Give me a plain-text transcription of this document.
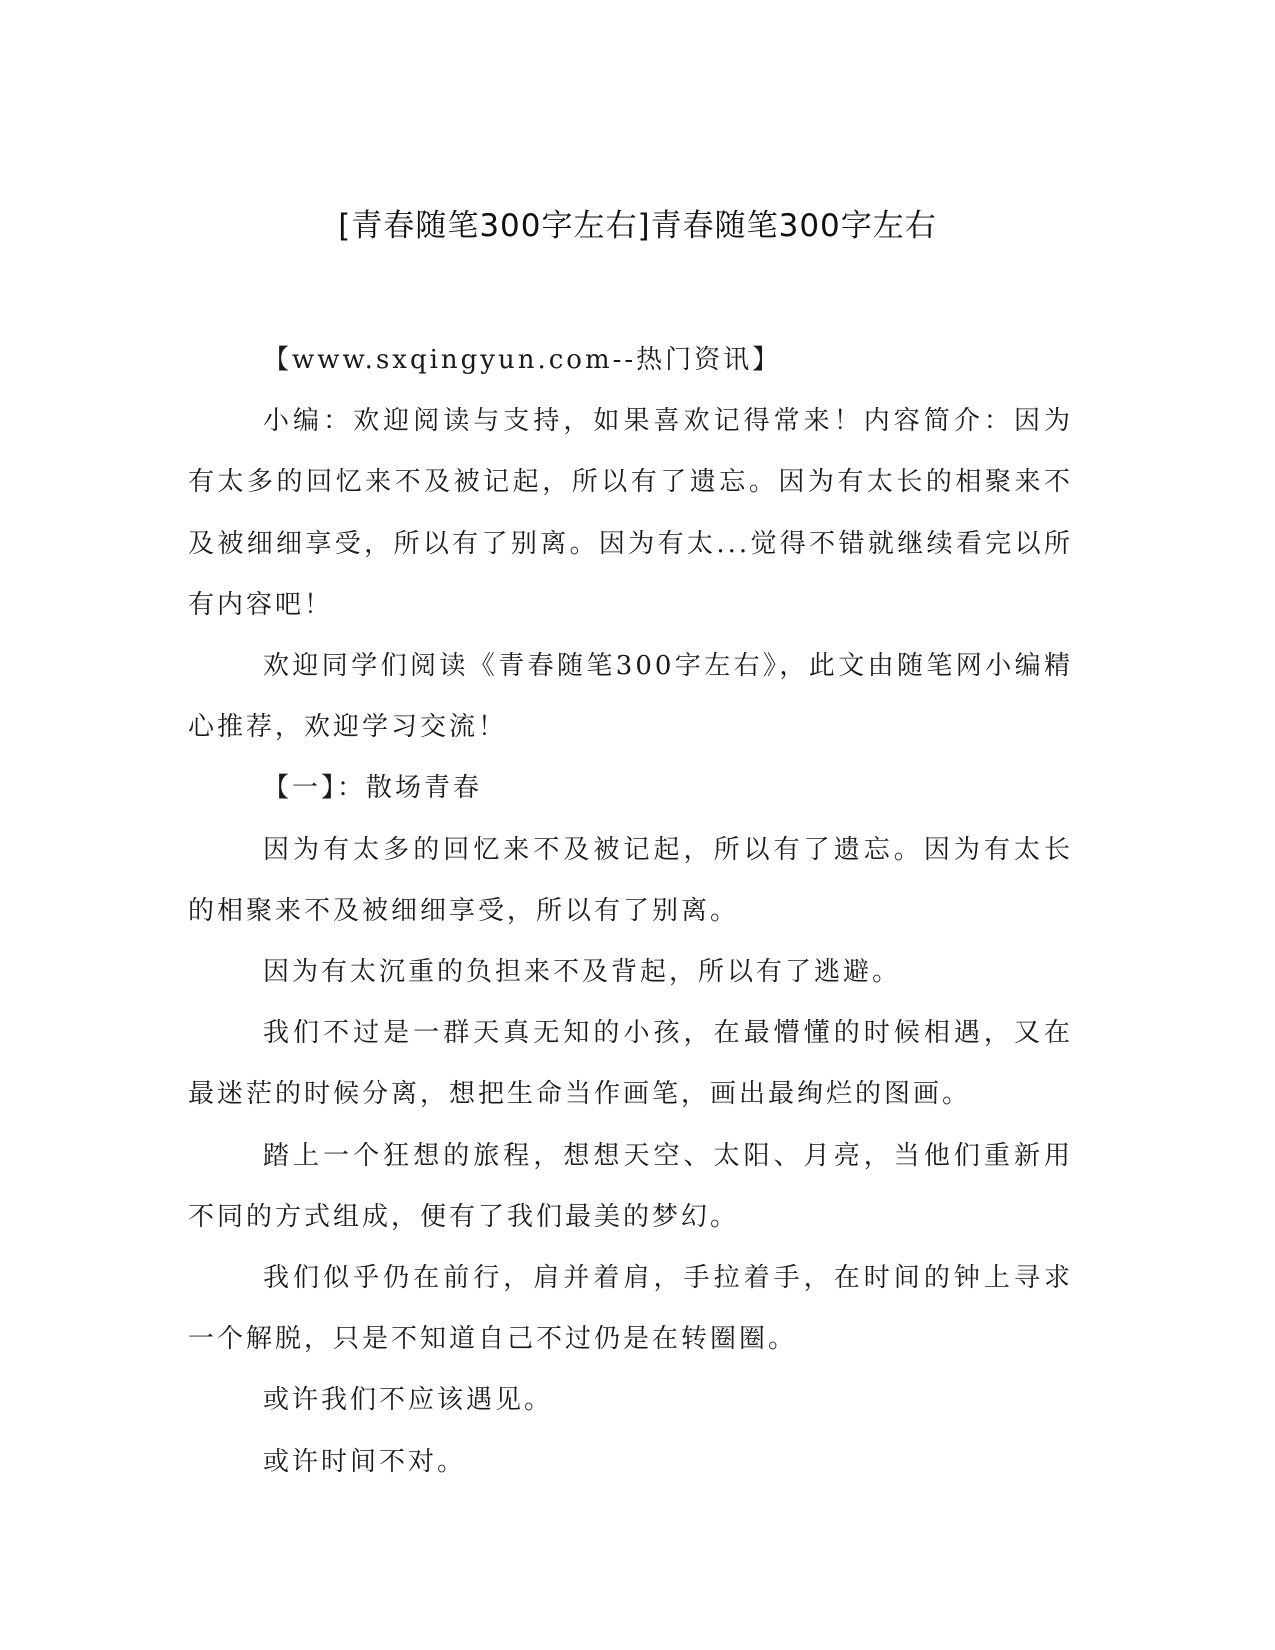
[青春随笔300字左右]青春随笔300字左右

【www.sxqingyun.com--热门资讯】

小编：欢迎阅读与支持，如果喜欢记得常来！内容简介：因为有太多的回忆来不及被记起，所以有了遗忘。因为有太长的相聚来不及被细细享受，所以有了别离。因为有太...觉得不错就继续看完以所有内容吧！

欢迎同学们阅读《青春随笔300字左右》，此文由随笔网小编精心推荐，欢迎学习交流！

【一】：散场青春

因为有太多的回忆来不及被记起，所以有了遗忘。因为有太长的相聚来不及被细细享受，所以有了别离。

因为有太沉重的负担来不及背起，所以有了逃避。

我们不过是一群天真无知的小孩，在最懵懂的时候相遇，又在最迷茫的时候分离，想把生命当作画笔，画出最绚烂的图画。

踏上一个狂想的旅程，想想天空、太阳、月亮，当他们重新用不同的方式组成，便有了我们最美的梦幻。

我们似乎仍在前行，肩并着肩，手拉着手，在时间的钟上寻求一个解脱，只是不知道自己不过仍是在转圈圈。

或许我们不应该遇见。

或许时间不对。
